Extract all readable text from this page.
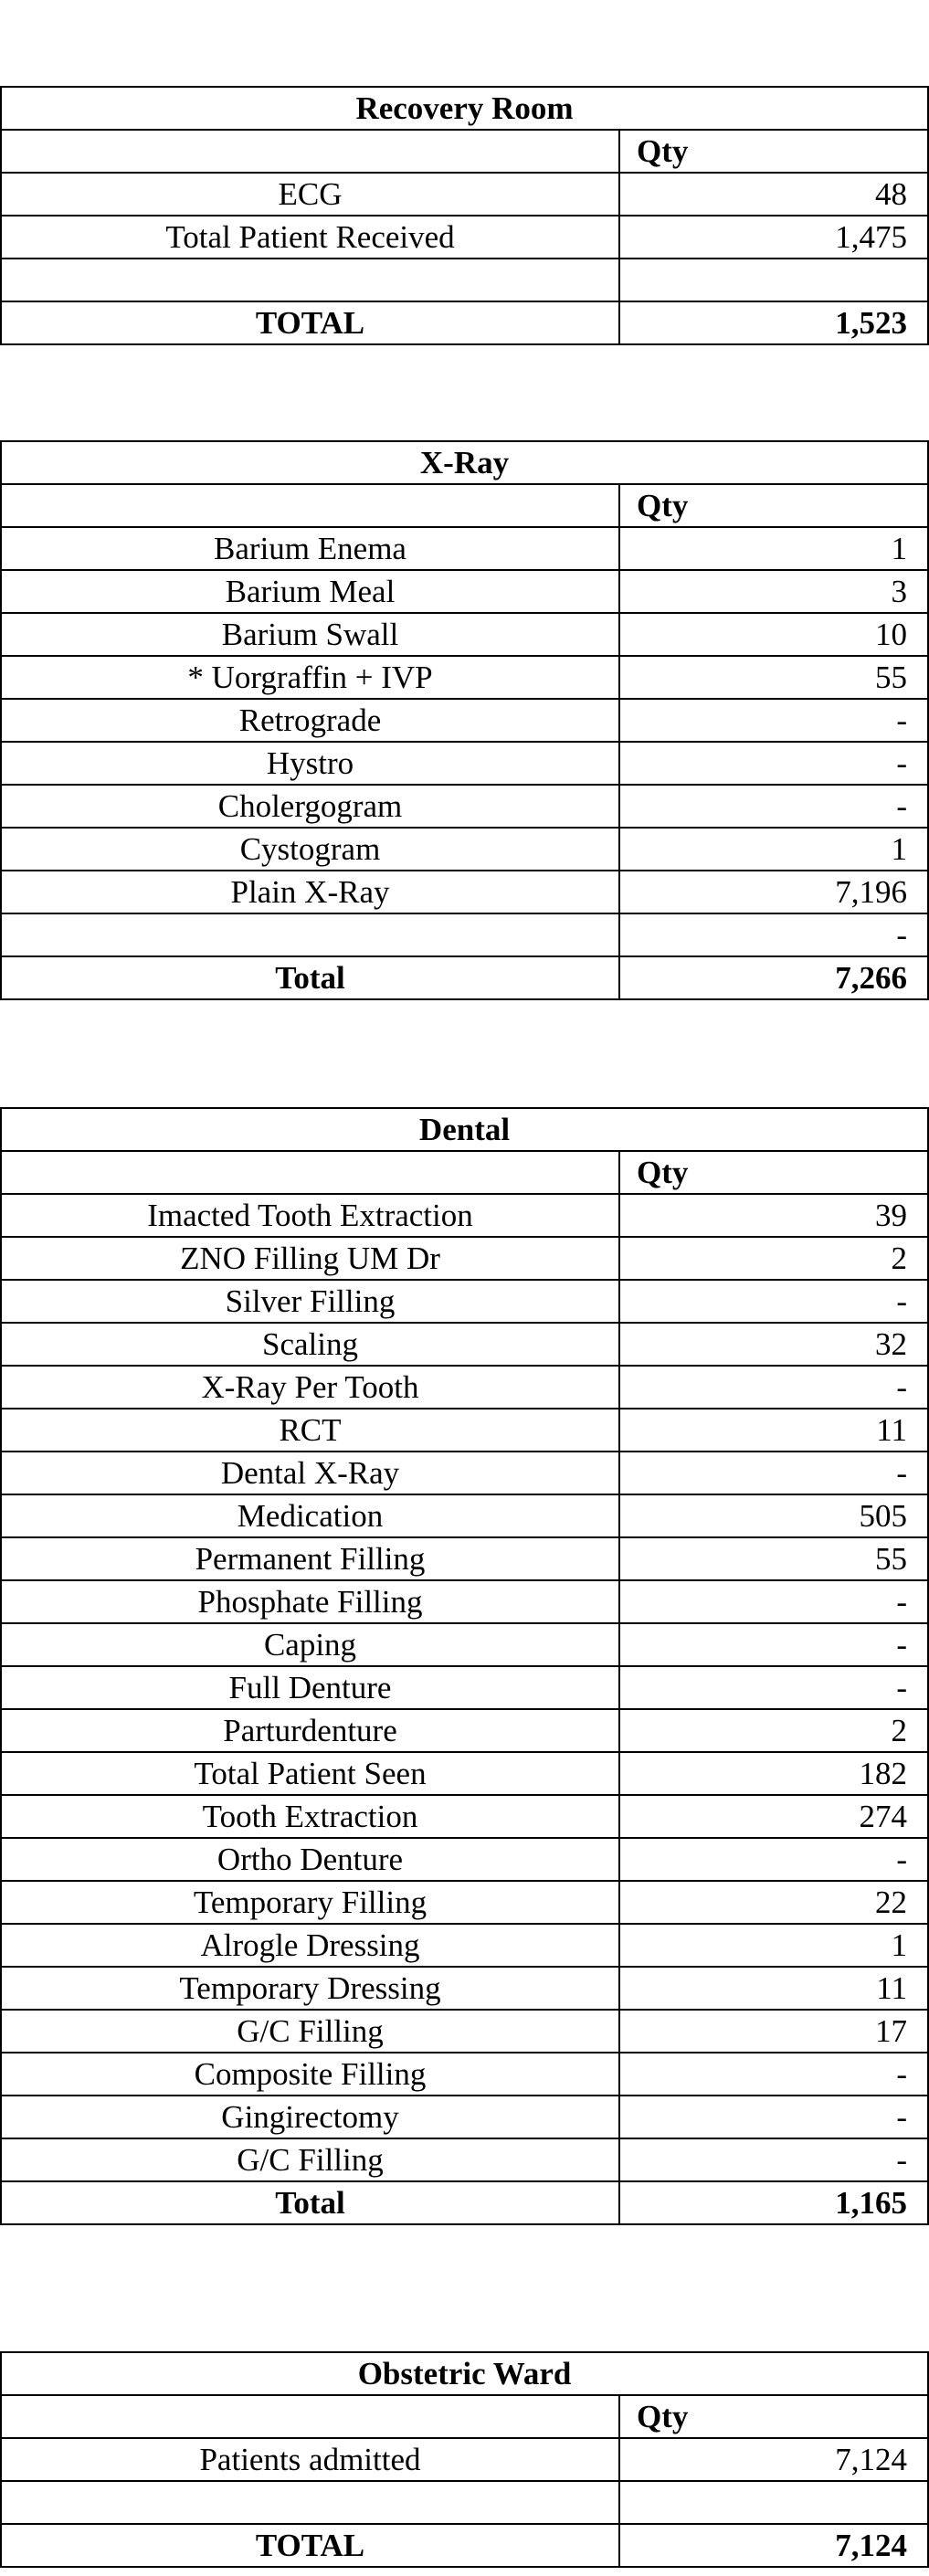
Recovery Room	
	Qty
ECG	48
Total Patient Received	1,475

TOTAL	1,523
X-Ray	
	Qty
Barium Enema	1
Barium Meal	3
Barium Swall	10
* Uorgraffin + IVP	55
Retrograde	-
Hystro	-
Cholergogram	-
Cystogram	1
Plain X-Ray	7,196
	-
Total	7,266
Dental	
	Qty
Imacted Tooth Extraction	39
ZNO Filling UM Dr	2
Silver Filling	-
Scaling	32
X-Ray Per Tooth	-
RCT	11
Dental X-Ray	-
Medication	505
Permanent Filling	55
Phosphate Filling	-
Caping	-
Full Denture	-
Parturdenture	2
Total Patient Seen	182
Tooth Extraction	274
Ortho Denture	-
Temporary Filling	22
Alrogle Dressing	1
Temporary Dressing	11
G/C Filling	17
Composite Filling	-
Gingirectomy	-
G/C Filling	-
Total	1,165
Obstetric Ward	
	Qty
Patients admitted	7,124

TOTAL	7,124
